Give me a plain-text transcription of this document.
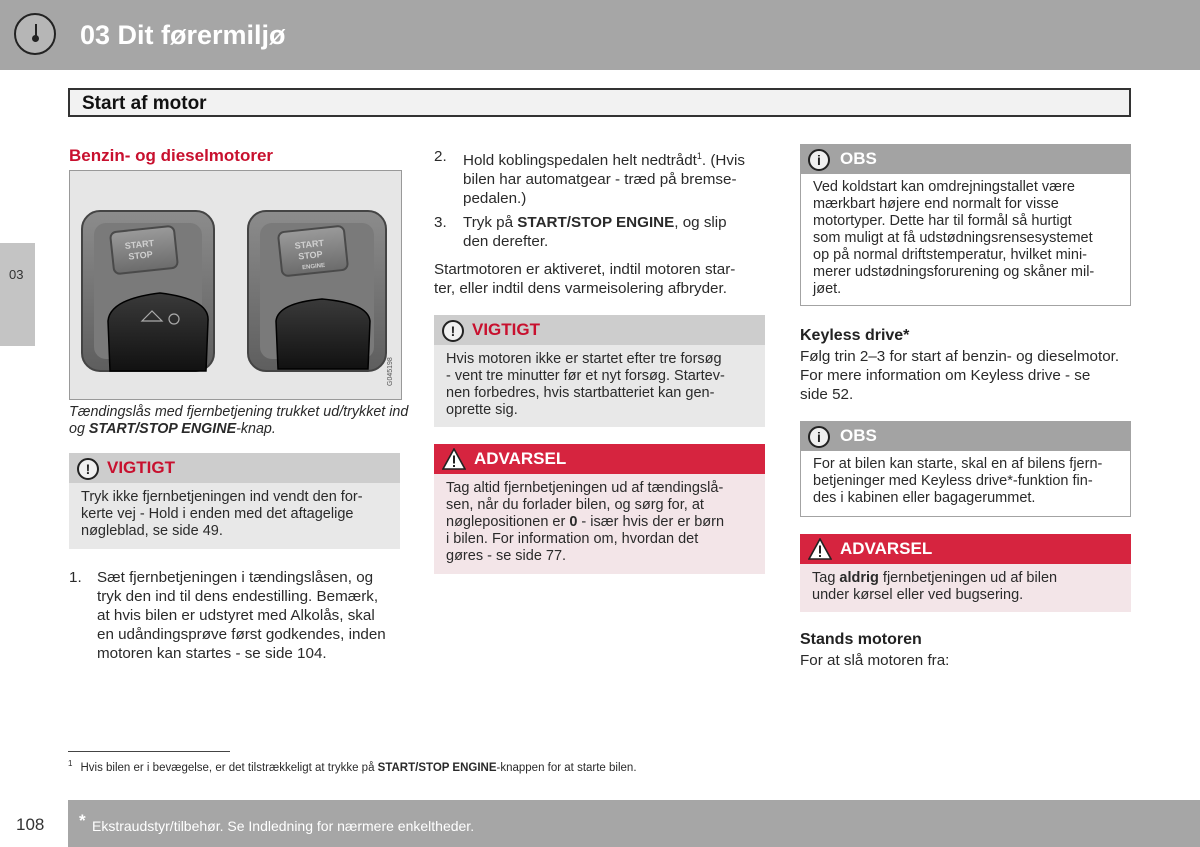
03 Dit førermiljø
Start af motor
03
Benzin- og dieselmotorer
START
STOP
START
STOP
ENGINE
G045198
Tændingslås med fjernbetjening trukket ud/trykket ind og START/STOP ENGINE-knap.
!
VIGTIGT
Tryk ikke fjernbetjeningen ind vendt den for-
kerte vej - Hold i enden med det aftagelige
nøgleblad, se side 49.
1. Sæt fjernbetjeningen i tændingslåsen, og
tryk den ind til dens endestilling. Bemærk,
at hvis bilen er udstyret med Alkolås, skal
en udåndingsprøve først godkendes, inden
motoren kan startes - se side 104.
2. Hold koblingspedalen helt nedtrådt$^1$. (Hvis
bilen har automatgear - træd på bremse-
pedalen.)
3. Tryk på START/STOP ENGINE, og slip
den derefter.
Startmotoren er aktiveret, indtil motoren star-
ter, eller indtil dens varmeisolering afbryder.
!
VIGTIGT
Hvis motoren ikke er startet efter tre forsøg
- vent tre minutter før et nyt forsøg. Startev-
nen forbedres, hvis startbatteriet kan gen-
oprette sig.
ADVARSEL
Tag altid fjernbetjeningen ud af tændingslå-
sen, når du forlader bilen, og sørg for, at
nøglepositionen er 0 - især hvis der er børn
i bilen. For information om, hvordan det
gøres - se side 77.
i
OBS
Ved koldstart kan omdrejningstallet være
mærkbart højere end normalt for visse
motortyper. Dette har til formål så hurtigt
som muligt at få udstødningsrensesystemet
op på normal driftstemperatur, hvilket mini-
merer udstødningsforurening og skåner mil-
jøet.
Keyless drive*
Følg trin 2–3 for start af benzin- og dieselmotor.
For mere information om Keyless drive - se
side 52.
i
OBS
For at bilen kan starte, skal en af bilens fjern-
betjeninger med Keyless drive*-funktion fin-
des i kabinen eller bagagerummet.
ADVARSEL
Tag aldrig fjernbetjeningen ud af bilen
under kørsel eller ved bugsering.
Stands motoren
For at slå motoren fra:
$^1$ Hvis bilen er i bevægelse, er det tilstrækkeligt at trykke på START/STOP ENGINE-knappen for at starte bilen.
108 * Ekstraudstyr/tilbehør. Se Indledning for nærmere enkeltheder.
